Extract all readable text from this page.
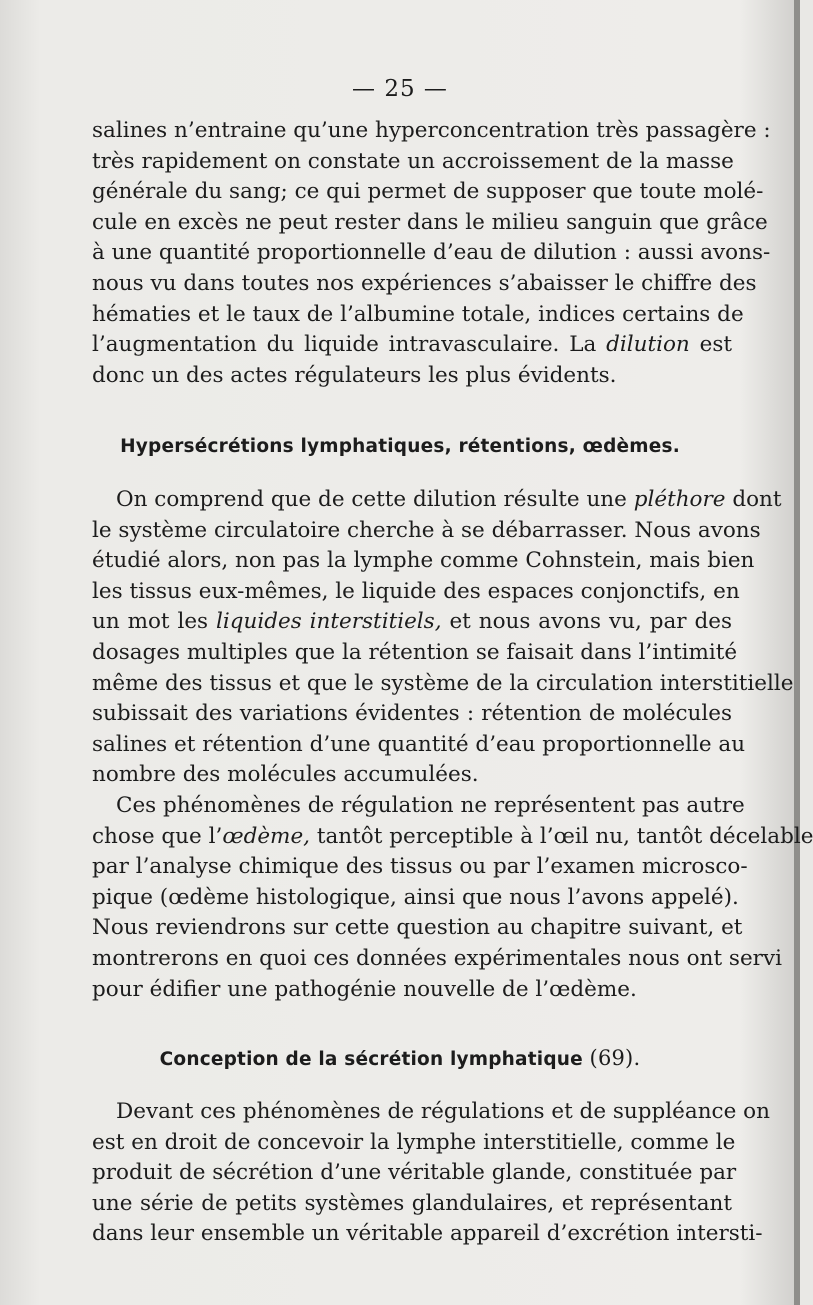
— 25 —
salines n’entraine qu’une hyperconcentration très passagère :
très rapidement on constate un accroissement de la masse
générale du sang; ce qui permet de supposer que toute molé-
cule en excès ne peut rester dans le milieu sanguin que grâce
à une quantité proportionnelle d’eau de dilution : aussi avons-
nous vu dans toutes nos expériences s’abaisser le chiffre des
hématies et le taux de l’albumine totale, indices certains de
l’augmentation du liquide intravasculaire. La dilution est
donc un des actes régulateurs les plus évidents.
Hypersécrétions lymphatiques, rétentions, œdèmes.
On comprend que de cette dilution résulte une pléthore dont
le système circulatoire cherche à se débarrasser. Nous avons
étudié alors, non pas la lymphe comme Cohnstein, mais bien
les tissus eux-mêmes, le liquide des espaces conjonctifs, en
un mot les liquides interstitiels, et nous avons vu, par des
dosages multiples que la rétention se faisait dans l’intimité
même des tissus et que le système de la circulation interstitielle
subissait des variations évidentes : rétention de molécules
salines et rétention d’une quantité d’eau proportionnelle au
nombre des molécules accumulées.
Ces phénomènes de régulation ne représentent pas autre
chose que l’œdème, tantôt perceptible à l’œil nu, tantôt décelable
par l’analyse chimique des tissus ou par l’examen microsco-
pique (œdème histologique, ainsi que nous l’avons appelé).
Nous reviendrons sur cette question au chapitre suivant, et
montrerons en quoi ces données expérimentales nous ont servi
pour édifier une pathogénie nouvelle de l’œdème.
Conception de la sécrétion lymphatique (69).
Devant ces phénomènes de régulations et de suppléance on
est en droit de concevoir la lymphe interstitielle, comme le
produit de sécrétion d’une véritable glande, constituée par
une série de petits systèmes glandulaires, et représentant
dans leur ensemble un véritable appareil d’excrétion intersti-
